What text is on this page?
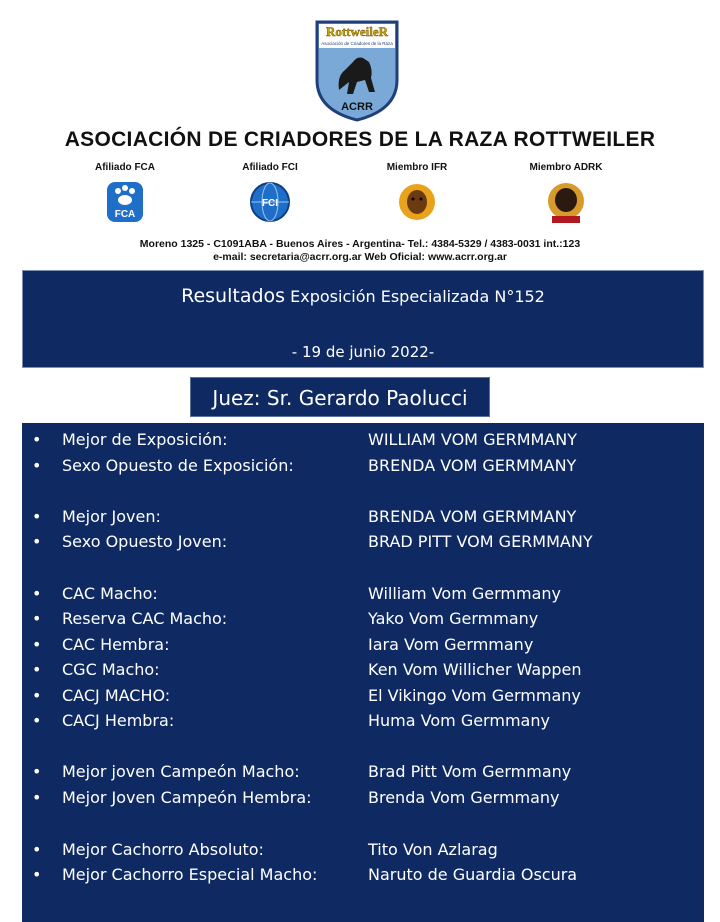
RottweileR
Asociación de Criadores de la Raza
ACRR
ASOCIACIÓN DE CRIADORES DE LA RAZA ROTTWEILER
Afiliado FCA
FCA
Afiliado FCI
FCI
Miembro IFR	Miembro ADRK
Moreno 1325 - C1091ABA - Buenos Aires - Argentina- Tel.: 4384-5329 / 4383-0031 int.:123
e-mail: secretaria@acrr.org.ar Web Oficial: www.acrr.org.ar
Resultados Exposición Especializada N°152
- 19 de junio 2022-
Juez: Sr. Gerardo Paolucci
• Mejor de Exposición:	WILLIAM VOM GERMMANY
• Sexo Opuesto de Exposición:	BRENDA VOM GERMMANY
• Mejor Joven:	BRENDA VOM GERMMANY
• Sexo Opuesto Joven:	BRAD PITT VOM GERMMANY
• CAC Macho:	William Vom Germmany
• Reserva CAC Macho:	Yako Vom Germmany
• CAC Hembra:	Iara Vom Germmany
• CGC Macho:	Ken Vom Willicher Wappen
• CACJ MACHO:	El Vikingo Vom Germmany
• CACJ Hembra:	Huma Vom Germmany
• Mejor joven Campeón Macho:	Brad Pitt Vom Germmany
• Mejor Joven Campeón Hembra:	Brenda Vom Germmany
• Mejor Cachorro Absoluto:	Tito Von Azlarag
• Mejor Cachorro Especial Macho:	Naruto de Guardia Oscura
